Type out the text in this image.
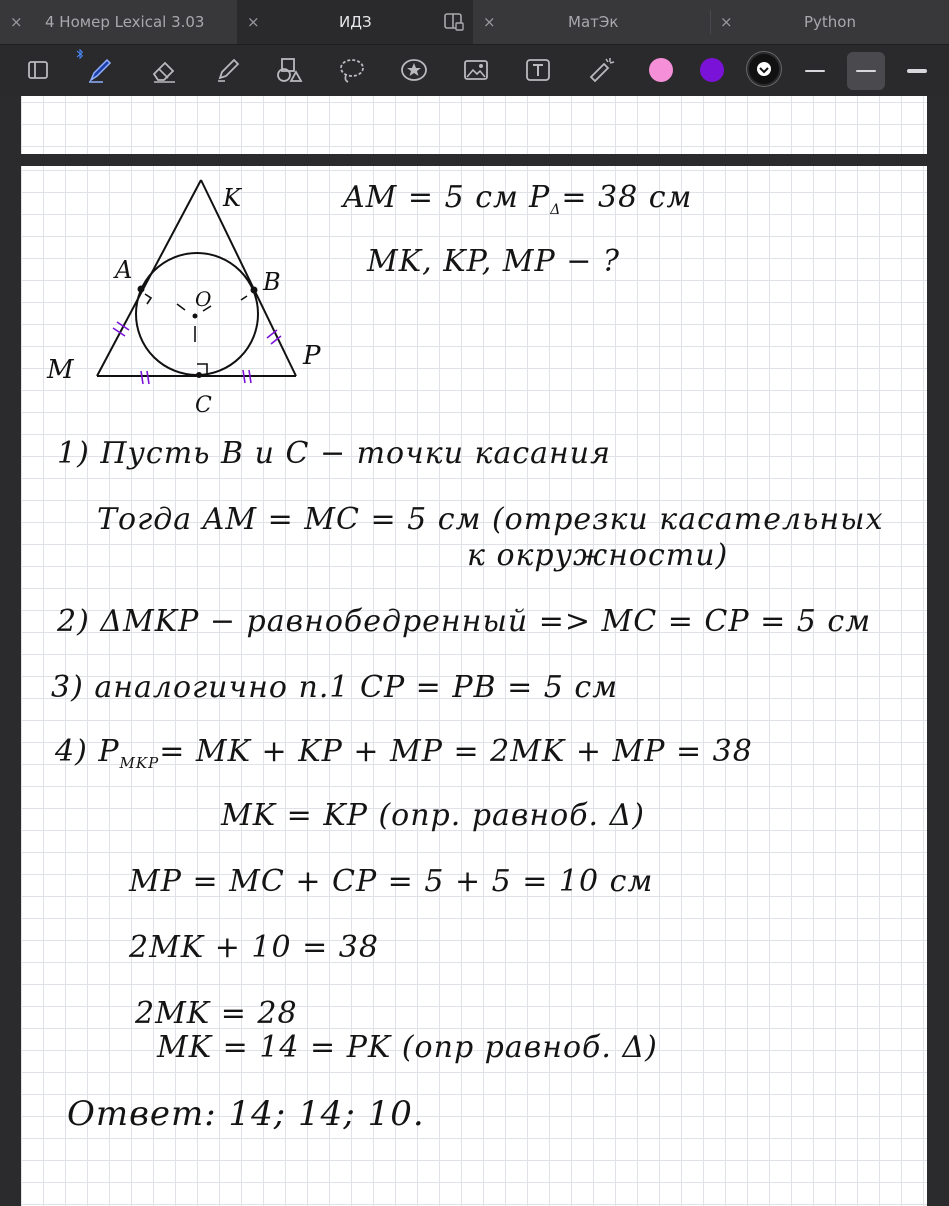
× 4 Номер Lexical 3.03	×	ИДЗ	×	МатЭк	×	Python
K
A	B
O
M	P
C
AM = 5 см $P_\Delta= 38$ см
MK, KP, MP − ?
1) Пусть B и C − точки касания
Тогда AM = MC = 5 см (отрезки касательных
к окружности)
2) ΔMKP − равнобедренный => MC = CP = 5 см
3) аналогично п.1 CP = PB = 5 см
4) $P_{MKP}=$ MK + KP + MP = 2MK + MP = 38
MK = KP (опр. равноб. Δ)
MP = MC + CP = 5 + 5 = 10 см
2MK + 10 = 38
2MK = 28
MK = 14 = PK (опр равноб. Δ)
Ответ: 14; 14; 10.
